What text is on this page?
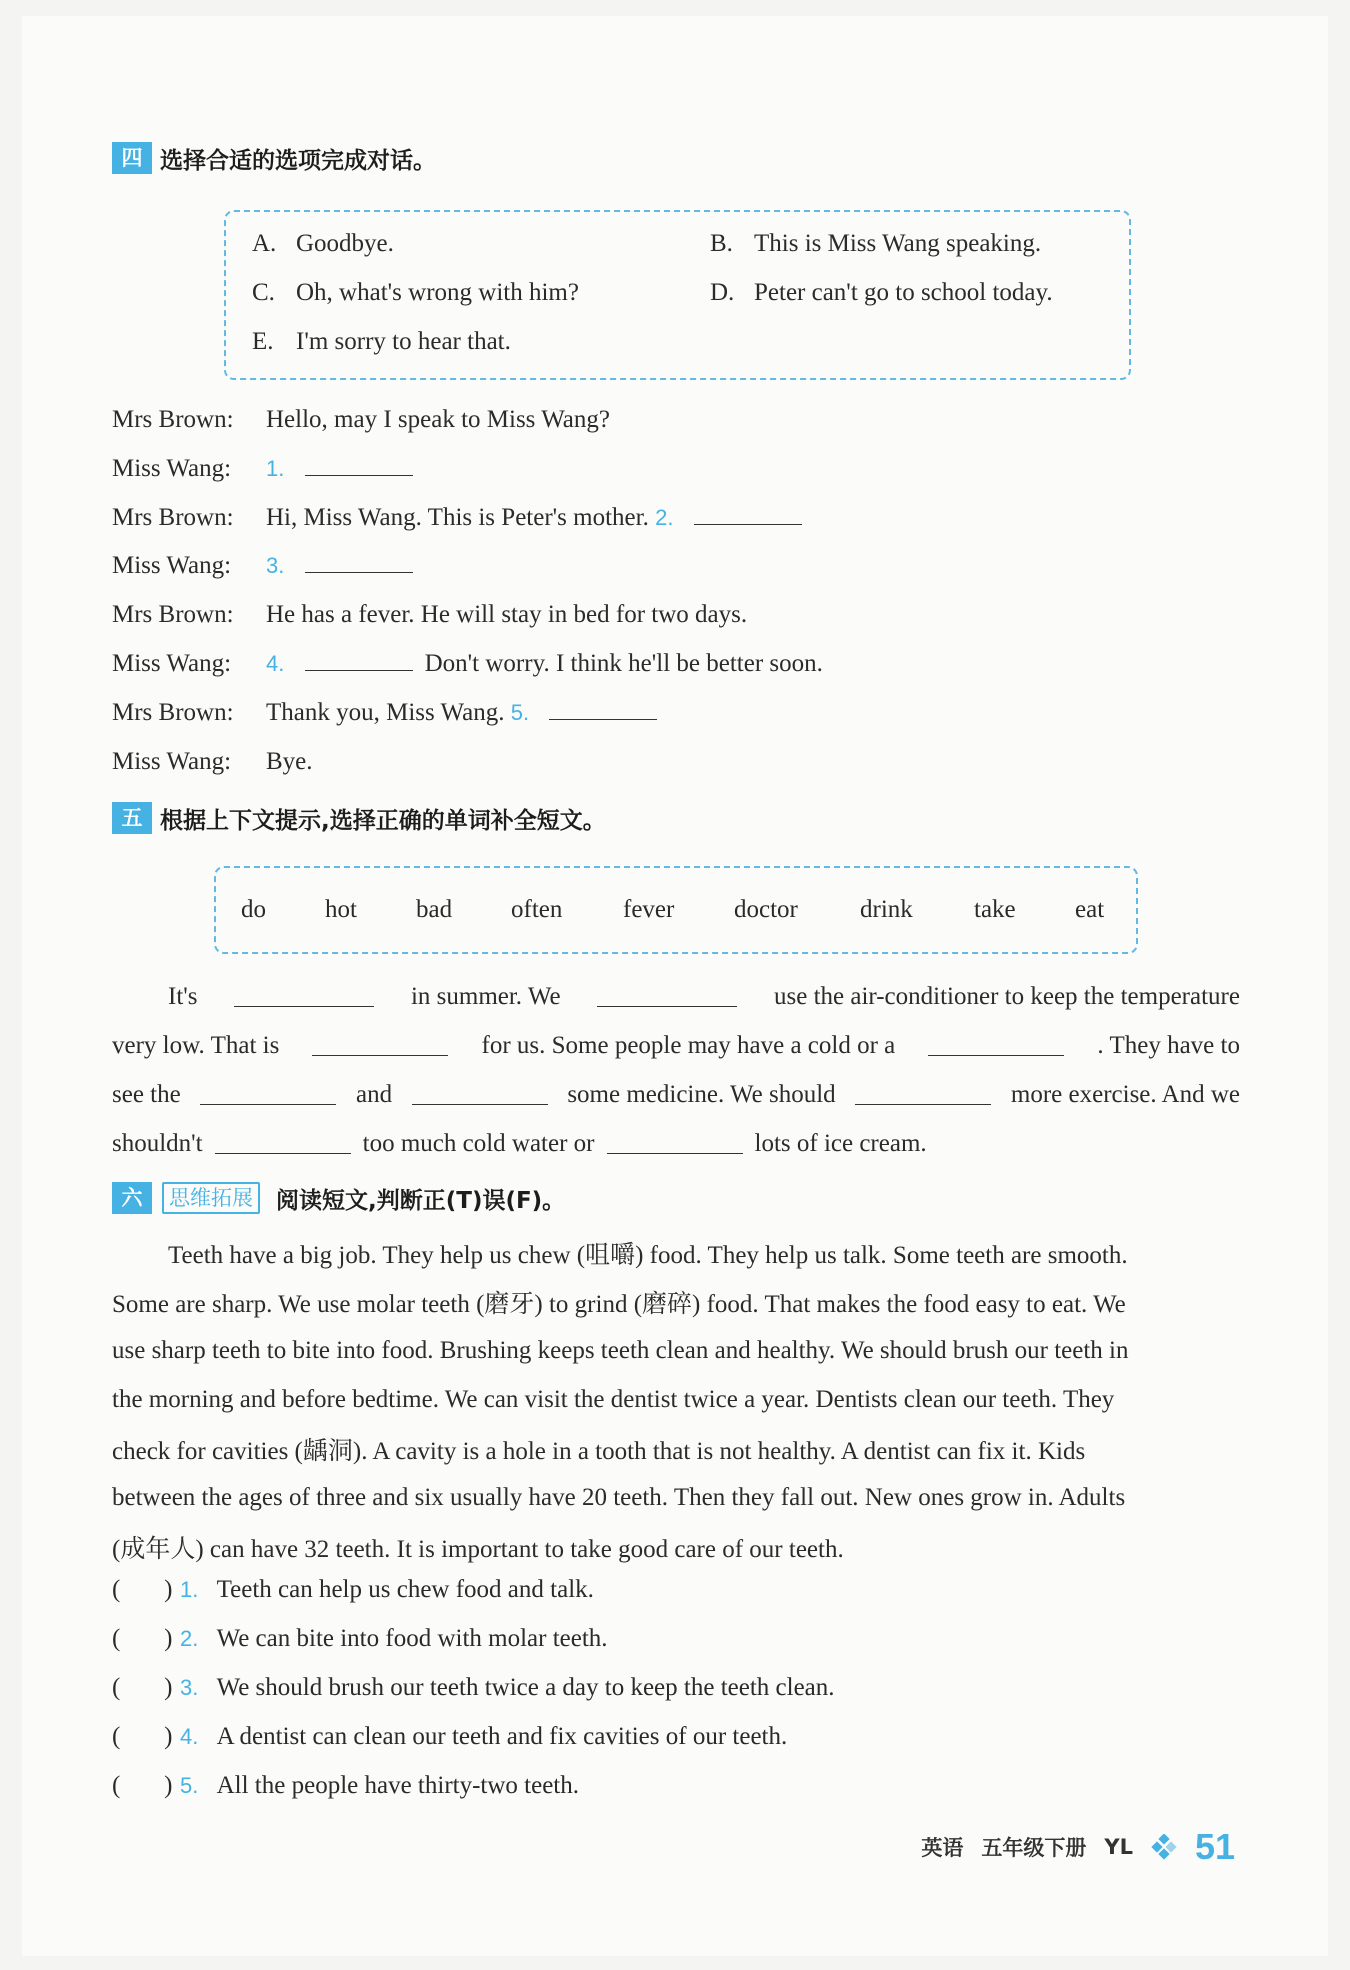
四 选择合适的选项完成对话。
A. Goodbye.	B. This is Miss Wang speaking.
C. Oh, what's wrong with him?	D. Peter can't go to school today.
E. I'm sorry to hear that.
Mrs Brown: Hello, may I speak to Miss Wang?
Miss Wang: 1.
Mrs Brown: Hi, Miss Wang. This is Peter's mother. 2.
Miss Wang: 3.
Mrs Brown: He has a fever. He will stay in bed for two days.
Miss Wang: 4.	Don't worry. I think he'll be better soon.
Mrs Brown: Thank you, Miss Wang. 5.
Miss Wang: Bye.
五 根据上下文提示,选择正确的单词补全短文。
do hot bad often fever doctor drink take eat
It's	in summer. We	use the air-conditioner to keep the temperature
very low. That is	for us. Some people may have a cold or a	. They have to
see the	and	some medicine. We should	more exercise. And we
shouldn't	too much cold water or	lots of ice cream.
六	思维拓展	阅读短文,判断正(T)误(F)。
Teeth have a big job. They help us chew (咀嚼) food. They help us talk. Some teeth are smooth.
Some are sharp. We use molar teeth (磨牙) to grind (磨碎) food. That makes the food easy to eat. We
use sharp teeth to bite into food. Brushing keeps teeth clean and healthy. We should brush our teeth in
the morning and before bedtime. We can visit the dentist twice a year. Dentists clean our teeth. They
check for cavities (龋洞). A cavity is a hole in a tooth that is not healthy. A dentist can fix it. Kids
between the ages of three and six usually have 20 teeth. Then they fall out. New ones grow in. Adults
(成年人) can have 32 teeth. It is important to take good care of our teeth.
(       ) 1. Teeth can help us chew food and talk.
(       ) 2. We can bite into food with molar teeth.
(       ) 3. We should brush our teeth twice a day to keep the teeth clean.
(       ) 4. A dentist can clean our teeth and fix cavities of our teeth.
(       ) 5. All the people have thirty-two teeth.
英语 五年级下册 YL 51
